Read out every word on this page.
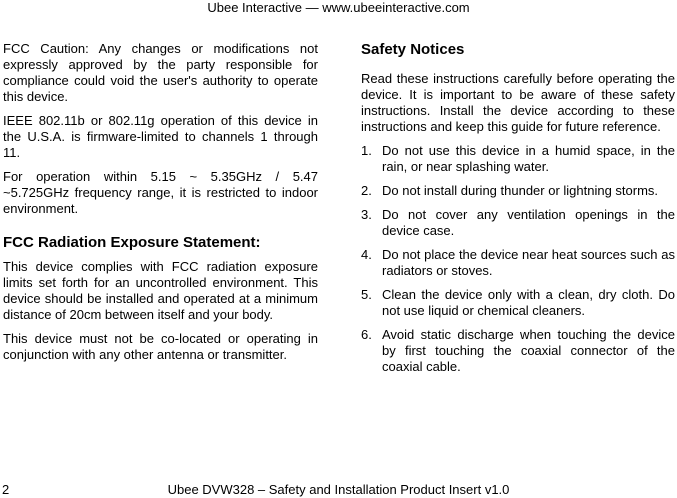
Ubee Interactive — www.ubeeinteractive.com

FCC Caution: Any changes or modifications not expressly approved by the party responsible for compliance could void the user's authority to operate this device.

IEEE 802.11b or 802.11g operation of this device in the U.S.A. is firmware-limited to channels 1 through 11.

For operation within 5.15 ~ 5.35GHz / 5.47 ~5.725GHz frequency range, it is restricted to indoor environment.

FCC Radiation Exposure Statement:

This device complies with FCC radiation exposure limits set forth for an uncontrolled environment. This device should be installed and operated at a minimum distance of 20cm between itself and your body.

This device must not be co-located or operating in conjunction with any other antenna or transmitter.

Safety Notices

Read these instructions carefully before operating the device. It is important to be aware of these safety instructions. Install the device according to these instructions and keep this guide for future reference.

1. Do not use this device in a humid space, in the rain, or near splashing water.
2. Do not install during thunder or lightning storms.
3. Do not cover any ventilation openings in the device case.
4. Do not place the device near heat sources such as radiators or stoves.
5. Clean the device only with a clean, dry cloth. Do not use liquid or chemical cleaners.
6. Avoid static discharge when touching the device by first touching the coaxial connector of the coaxial cable.
2	Ubee DVW328 – Safety and Installation Product Insert v1.0
